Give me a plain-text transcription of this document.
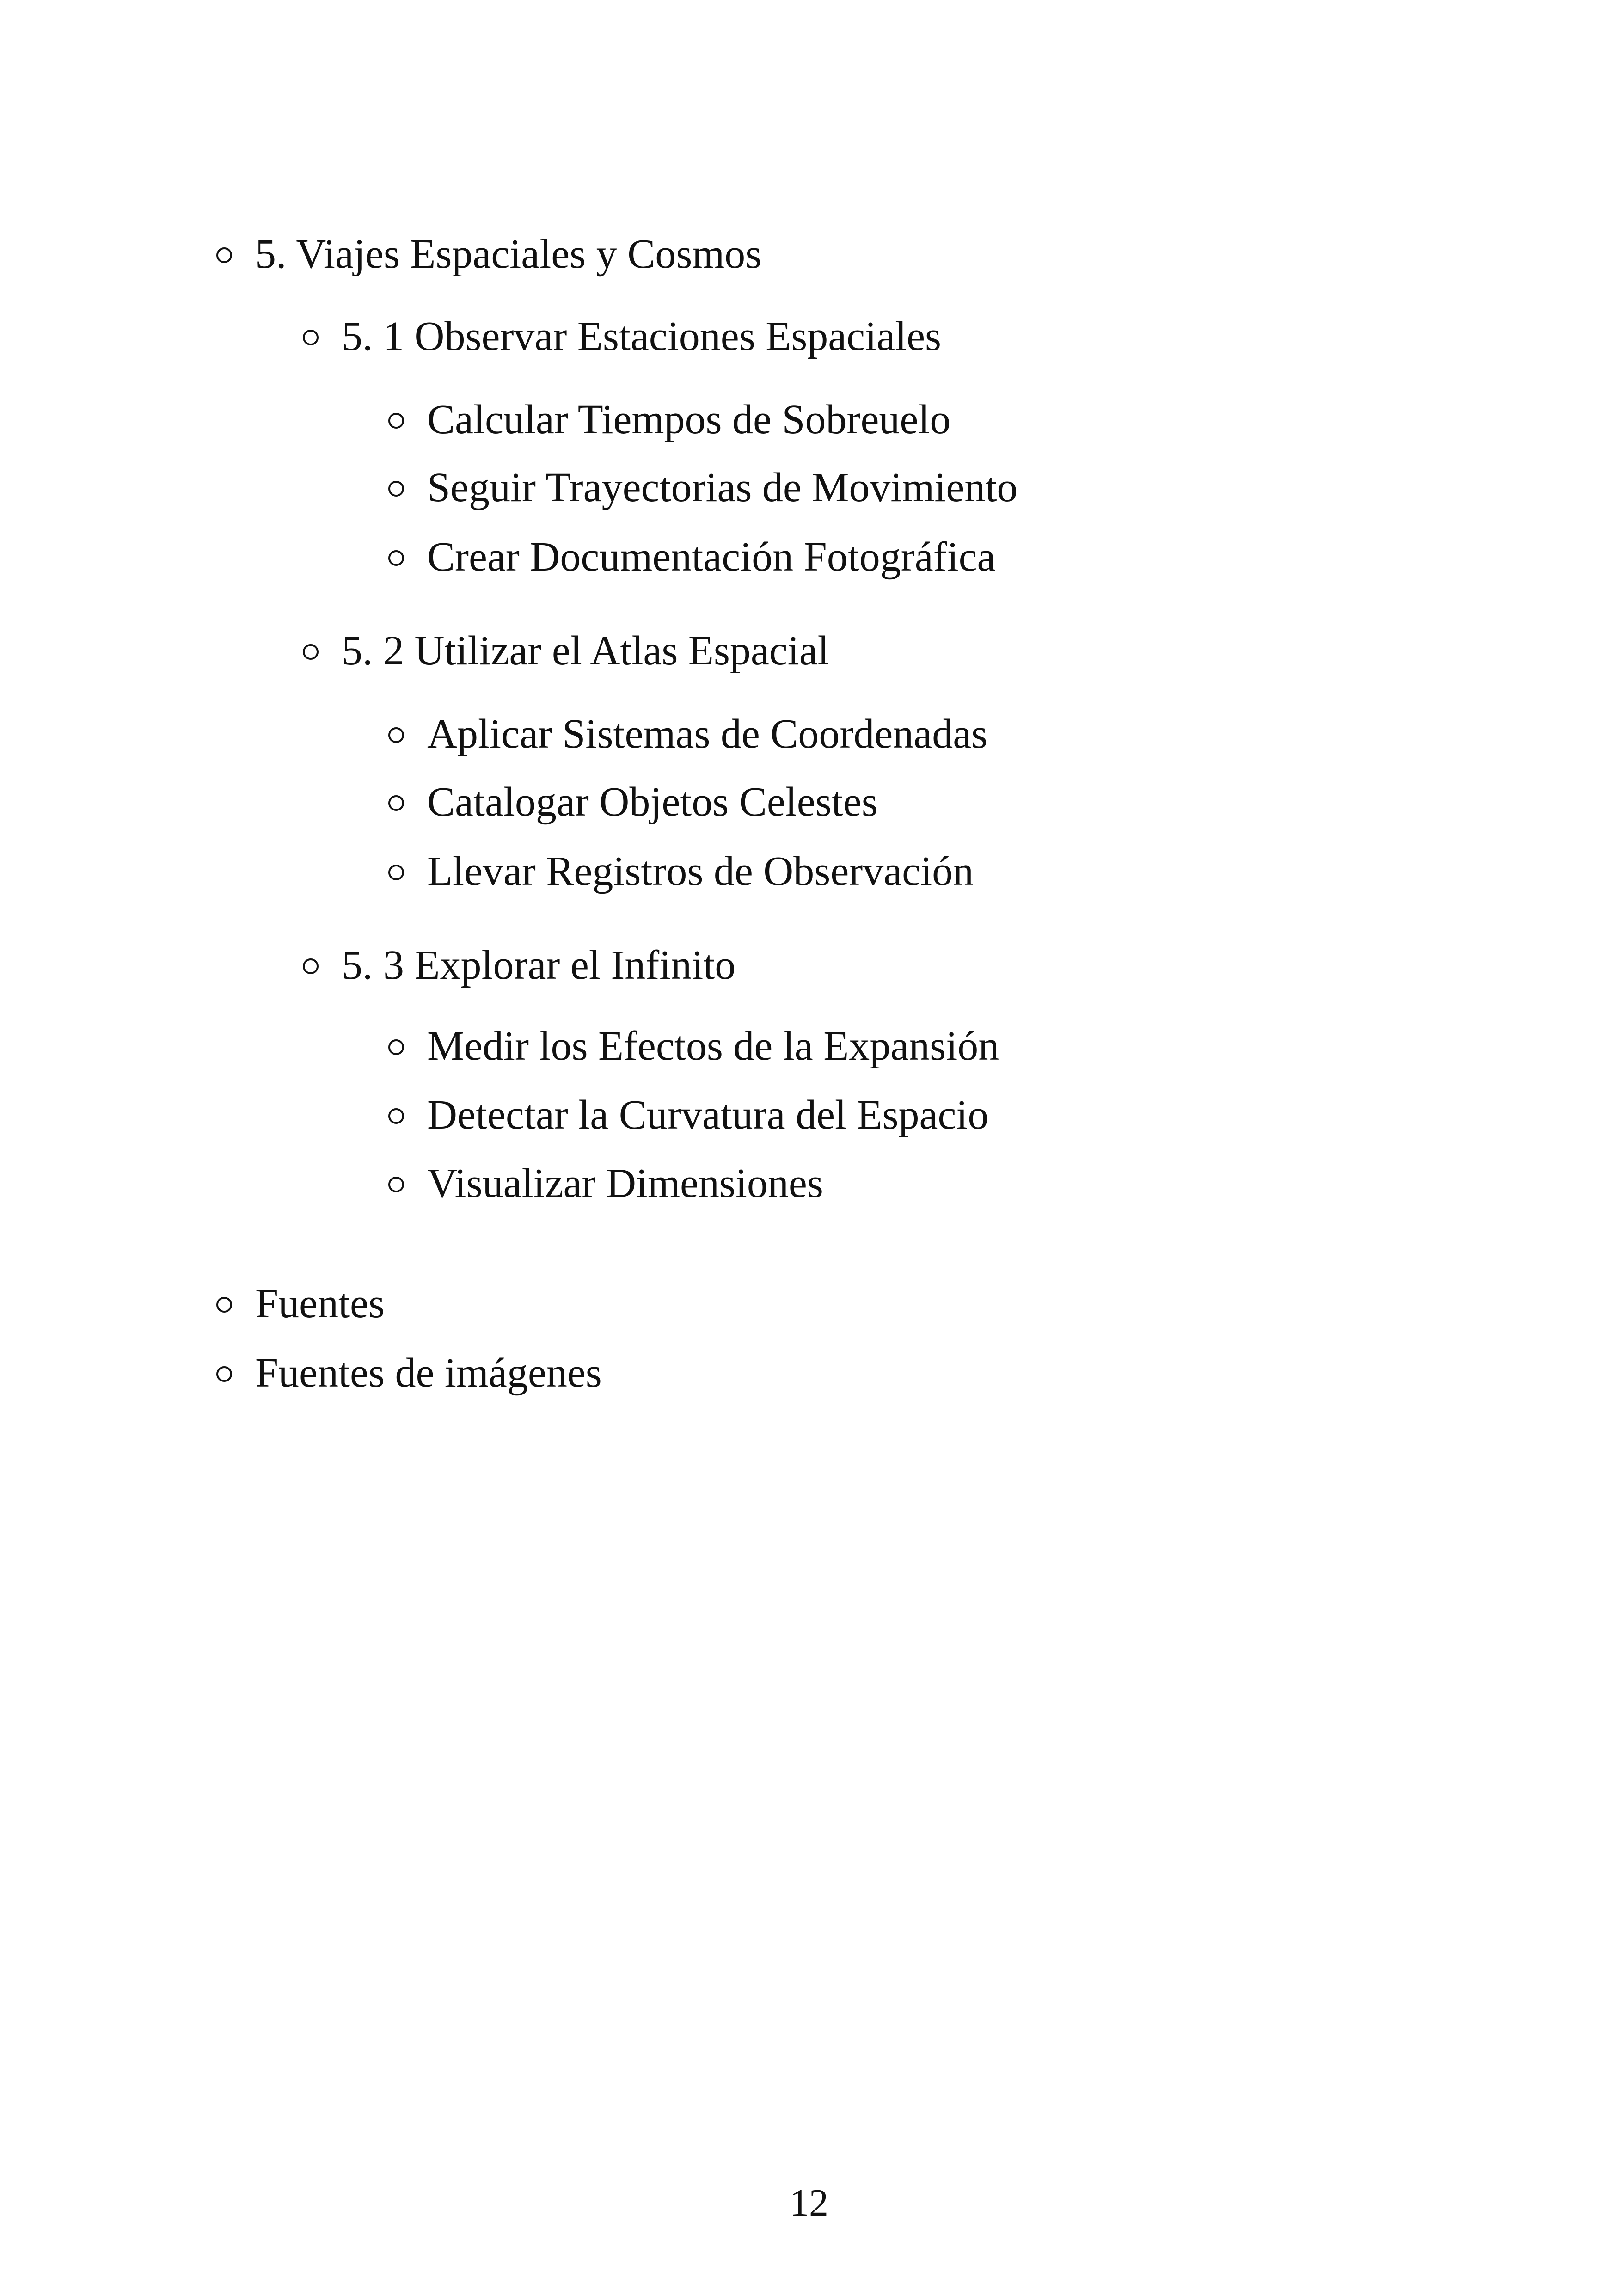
5. Viajes Espaciales y Cosmos
5. 1 Observar Estaciones Espaciales
Calcular Tiempos de Sobreuelo
Seguir Trayectorias de Movimiento
Crear Documentación Fotográfica
5. 2 Utilizar el Atlas Espacial
Aplicar Sistemas de Coordenadas
Catalogar Objetos Celestes
Llevar Registros de Observación
5. 3 Explorar el Infinito
Medir los Efectos de la Expansión
Detectar la Curvatura del Espacio
Visualizar Dimensiones
Fuentes
Fuentes de imágenes
12
